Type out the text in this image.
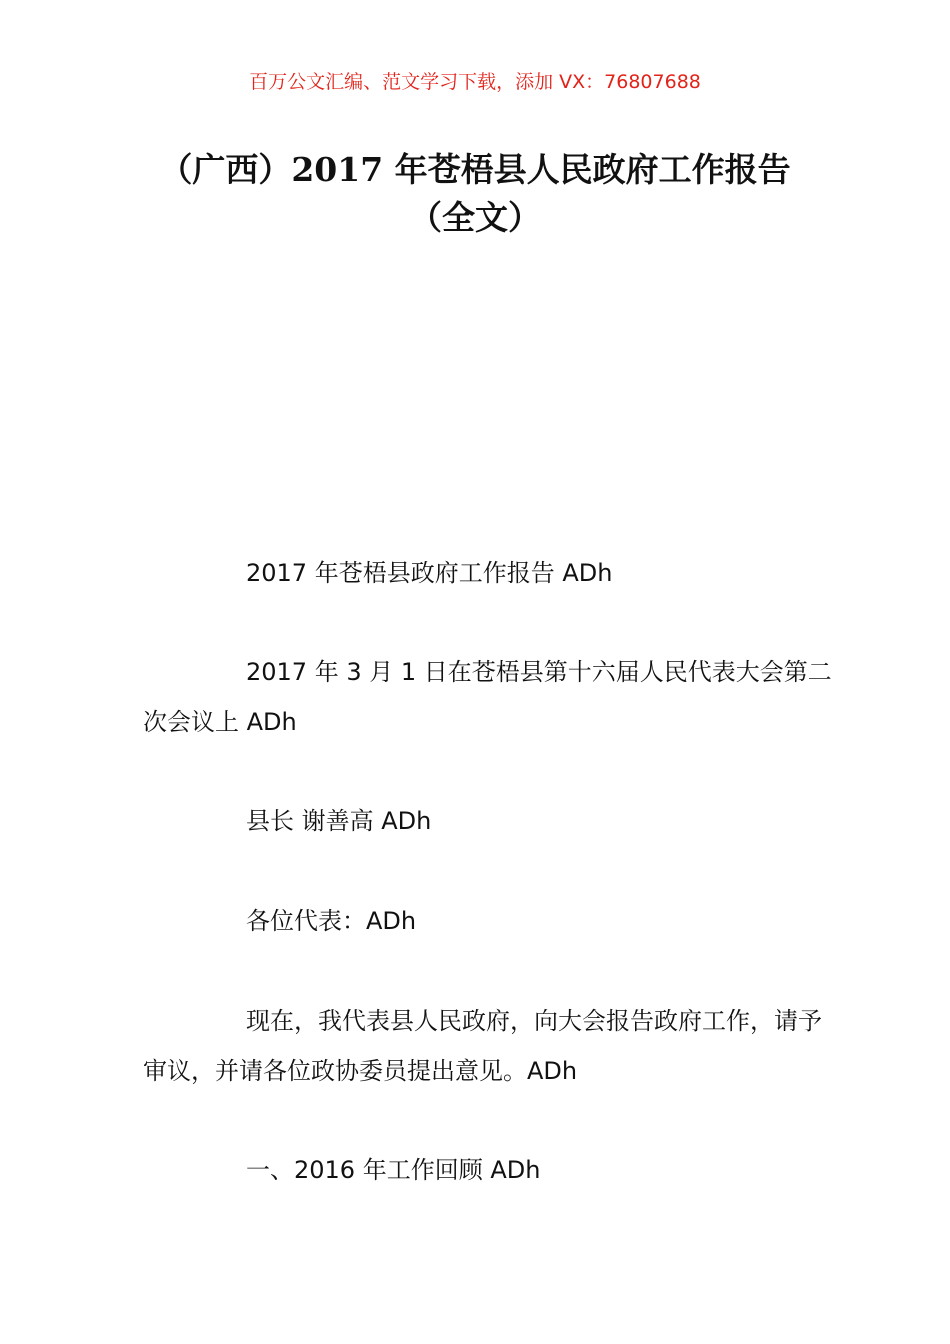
百万公文汇编、范文学习下载，添加 VX：76807688
（广西）2017 年苍梧县人民政府工作报告
（全文）

2017 年苍梧县政府工作报告 ADh

2017 年 3 月 1 日在苍梧县第十六届人民代表大会第二次会议上 ADh

县长 谢善高 ADh

各位代表：ADh

现在，我代表县人民政府，向大会报告政府工作，请予审议，并请各位政协委员提出意见。ADh

一、2016 年工作回顾 ADh
